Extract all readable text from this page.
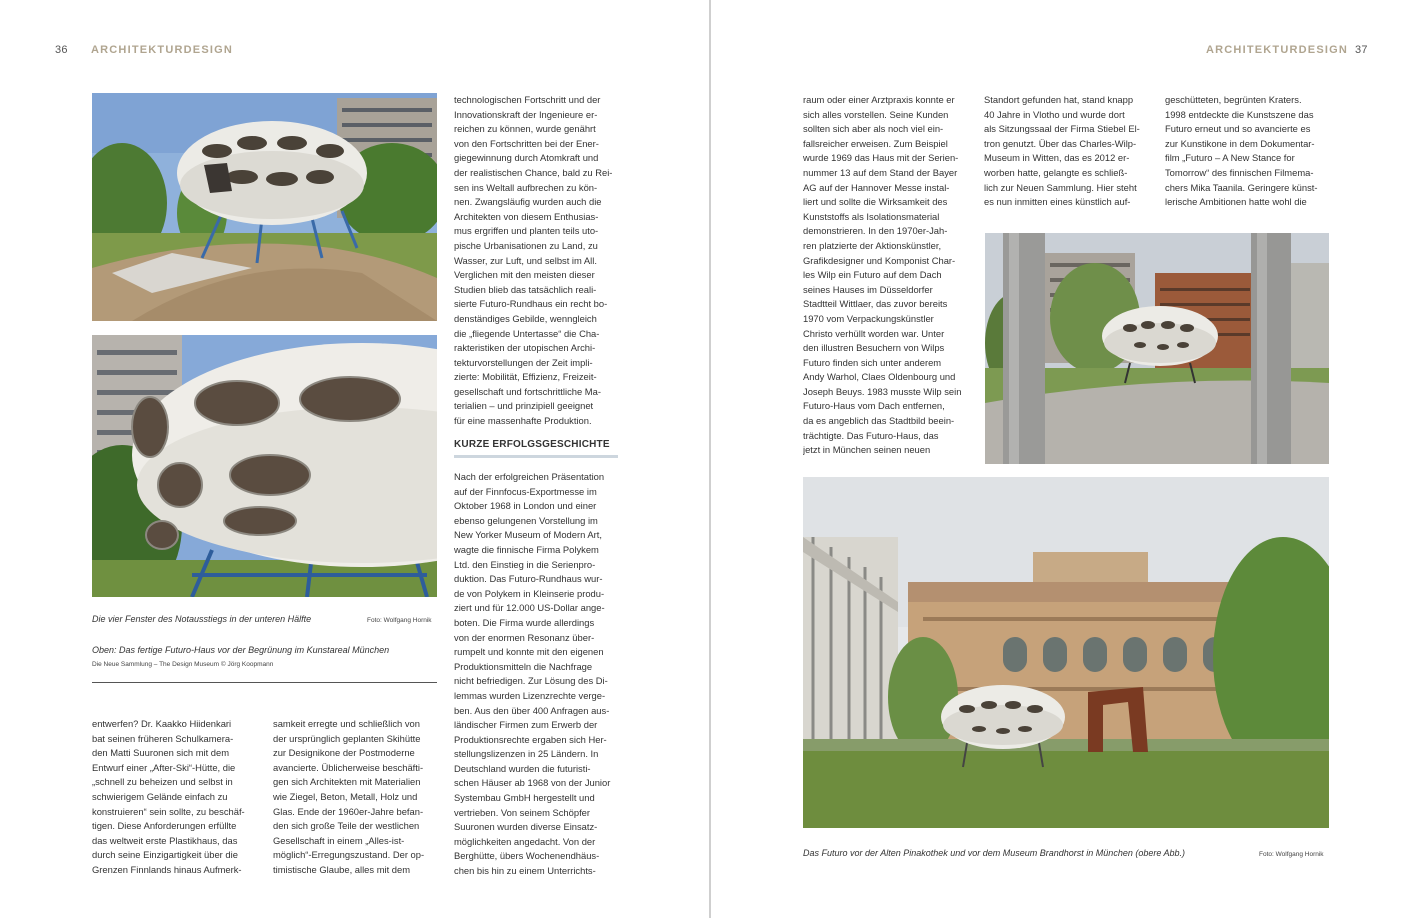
36 ARCHITEKTURDESIGN
Die vier Fenster des Notausstiegs in der unteren Hälfte	Foto: Wolfgang Hornik
Oben: Das fertige Futuro-Haus vor der Begrünung im Kunstareal München
Die Neue Sammlung – The Design Museum © Jörg Koopmann
technologischen Fortschritt und der
Innovationskraft der Ingenieure er-
reichen zu können, wurde genährt
von den Fortschritten bei der Ener-
giegewinnung durch Atomkraft und
der realistischen Chance, bald zu Rei-
sen ins Weltall aufbrechen zu kön-
nen. Zwangsläufig wurden auch die
Architekten von diesem Enthusias-
mus ergriffen und planten teils uto-
pische Urbanisationen zu Land, zu
Wasser, zur Luft, und selbst im All.
Verglichen mit den meisten dieser
Studien blieb das tatsächlich reali-
sierte Futuro-Rundhaus ein recht bo-
denständiges Gebilde, wenngleich
die „fliegende Untertasse“ die Cha-
rakteristiken der utopischen Archi-
tekturvorstellungen der Zeit impli-
zierte: Mobilität, Effizienz, Freizeit-
gesellschaft und fortschrittliche Ma-
terialien – und prinzipiell geeignet
für eine massenhafte Produktion.
KURZE ERFOLGSGESCHICHTE
Nach der erfolgreichen Präsentation
auf der Finnfocus-Exportmesse im
Oktober 1968 in London und einer
ebenso gelungenen Vorstellung im
New Yorker Museum of Modern Art,
wagte die finnische Firma Polykem
Ltd. den Einstieg in die Serienpro-
duktion. Das Futuro-Rundhaus wur-
de von Polykem in Kleinserie produ-
ziert und für 12.000 US-Dollar ange-
boten. Die Firma wurde allerdings
von der enormen Resonanz über-
rumpelt und konnte mit den eigenen
Produktionsmitteln die Nachfrage
nicht befriedigen. Zur Lösung des Di-
lemmas wurden Lizenzrechte verge-
ben. Aus den über 400 Anfragen aus-
ländischer Firmen zum Erwerb der
Produktionsrechte ergaben sich Her-
stellungslizenzen in 25 Ländern. In
Deutschland wurden die futuristi-
schen Häuser ab 1968 von der Junior
Systembau GmbH hergestellt und
vertrieben. Von seinem Schöpfer
Suuronen wurden diverse Einsatz-
möglichkeiten angedacht. Von der
Berghütte, übers Wochenendhäus-
chen bis hin zu einem Unterrichts-
entwerfen? Dr. Kaakko Hiidenkari
bat seinen früheren Schulkamera-
den Matti Suuronen sich mit dem
Entwurf einer „After-Ski“-Hütte, die
„schnell zu beheizen und selbst in
schwierigem Gelände einfach zu
konstruieren“ sein sollte, zu beschäf-
tigen. Diese Anforderungen erfüllte
das weltweit erste Plastikhaus, das
durch seine Einzigartigkeit über die
Grenzen Finnlands hinaus Aufmerk-
samkeit erregte und schließlich von
der ursprünglich geplanten Skihütte
zur Designikone der Postmoderne
avancierte. Üblicherweise beschäfti-
gen sich Architekten mit Materialien
wie Ziegel, Beton, Metall, Holz und
Glas. Ende der 1960er-Jahre befan-
den sich große Teile der westlichen
Gesellschaft in einem „Alles-ist-
möglich“-Erregungszustand. Der op-
timistische Glaube, alles mit dem
ARCHITEKTURDESIGN 37
raum oder einer Arztpraxis konnte er
sich alles vorstellen. Seine Kunden
sollten sich aber als noch viel ein-
fallsreicher erweisen. Zum Beispiel
wurde 1969 das Haus mit der Serien-
nummer 13 auf dem Stand der Bayer
AG auf der Hannover Messe instal-
liert und sollte die Wirksamkeit des
Kunststoffs als Isolationsmaterial
demonstrieren. In den 1970er-Jah-
ren platzierte der Aktionskünstler,
Grafikdesigner und Komponist Char-
les Wilp ein Futuro auf dem Dach
seines Hauses im Düsseldorfer
Stadtteil Wittlaer, das zuvor bereits
1970 vom Verpackungskünstler
Christo verhüllt worden war. Unter
den illustren Besuchern von Wilps
Futuro finden sich unter anderem
Andy Warhol, Claes Oldenbourg und
Joseph Beuys. 1983 musste Wilp sein
Futuro-Haus vom Dach entfernen,
da es angeblich das Stadtbild beein-
trächtigte. Das Futuro-Haus, das
jetzt in München seinen neuen
Standort gefunden hat, stand knapp
40 Jahre in Vlotho und wurde dort
als Sitzungssaal der Firma Stiebel El-
tron genutzt. Über das Charles-Wilp-
Museum in Witten, das es 2012 er-
worben hatte, gelangte es schließ-
lich zur Neuen Sammlung. Hier steht
es nun inmitten eines künstlich auf-
geschütteten, begrünten Kraters.
1998 entdeckte die Kunstszene das
Futuro erneut und so avancierte es
zur Kunstikone in dem Dokumentar-
film „Futuro – A New Stance for
Tomorrow“ des finnischen Filmema-
chers Mika Taanila. Geringere künst-
lerische Ambitionen hatte wohl die
Das Futuro vor der Alten Pinakothek und vor dem Museum Brandhorst in München (obere Abb.)	Foto: Wolfgang Hornik
